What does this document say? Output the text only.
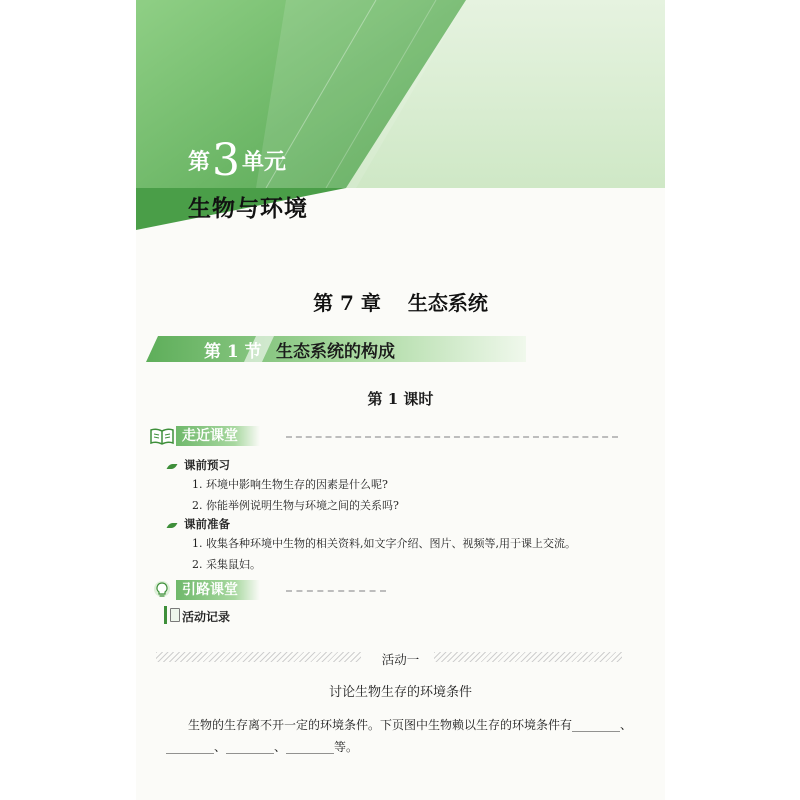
第3单元
生物与环境
第 7 章　 生态系统
第 1 节 生态系统的构成
第 1 课时
走近课堂
课前预习
1. 环境中影响生物生存的因素是什么呢?
2. 你能举例说明生物与环境之间的关系吗?
课前准备
1. 收集各种环境中生物的相关资料,如文字介绍、图片、视频等,用于课上交流。
2. 采集鼠妇。
引路课堂
活动记录
活动一
讨论生物生存的环境条件
生物的生存离不开一定的环境条件。下页图中生物赖以生存的环境条件有________、
________、________、________等。
